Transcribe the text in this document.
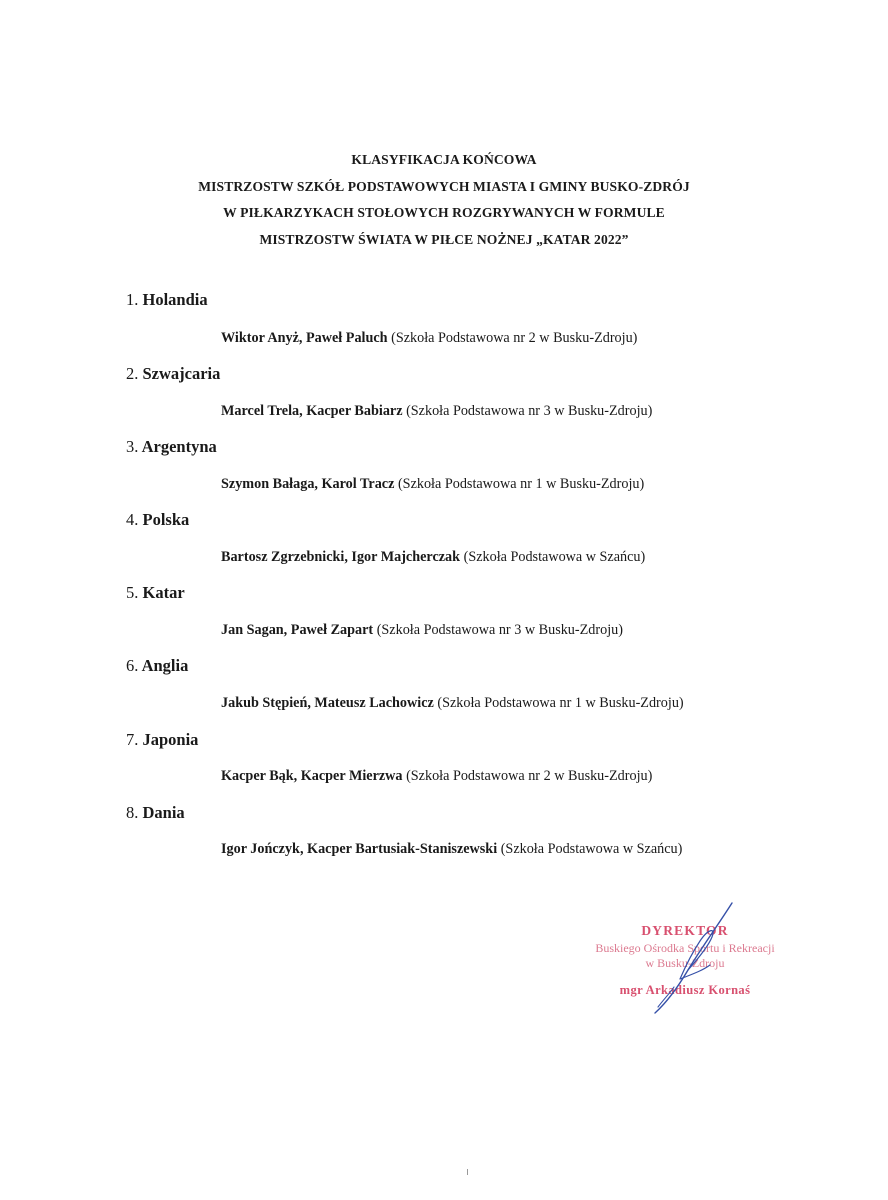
KLASYFIKACJA KOŃCOWA
MISTRZOSTW SZKÓŁ PODSTAWOWYCH MIASTA I GMINY BUSKO-ZDRÓJ
W PIŁKARZYKACH STOŁOWYCH ROZGRYWANYCH W FORMULE
MISTRZOSTW ŚWIATA W PIŁCE NOŻNEJ „KATAR 2022”
1. Holandia
Wiktor Anyż, Paweł Paluch (Szkoła Podstawowa nr 2 w Busku-Zdroju)
2. Szwajcaria
Marcel Trela, Kacper Babiarz (Szkoła Podstawowa nr 3 w Busku-Zdroju)
3. Argentyna
Szymon Bałaga, Karol Tracz (Szkoła Podstawowa nr 1 w Busku-Zdroju)
4. Polska
Bartosz Zgrzebnicki, Igor Majcherczak (Szkoła Podstawowa w Szańcu)
5. Katar
Jan Sagan, Paweł Zapart (Szkoła Podstawowa nr 3 w Busku-Zdroju)
6. Anglia
Jakub Stępień, Mateusz Lachowicz (Szkoła Podstawowa nr 1 w Busku-Zdroju)
7. Japonia
Kacper Bąk, Kacper Mierzwa (Szkoła Podstawowa nr 2 w Busku-Zdroju)
8. Dania
Igor Jończyk, Kacper Bartusiak-Staniszewski (Szkoła Podstawowa w Szańcu)
DYREKTOR
Buskiego Ośrodka Sportu i Rekreacji
w Busku-Zdroju
mgr Arkadiusz Kornaś
